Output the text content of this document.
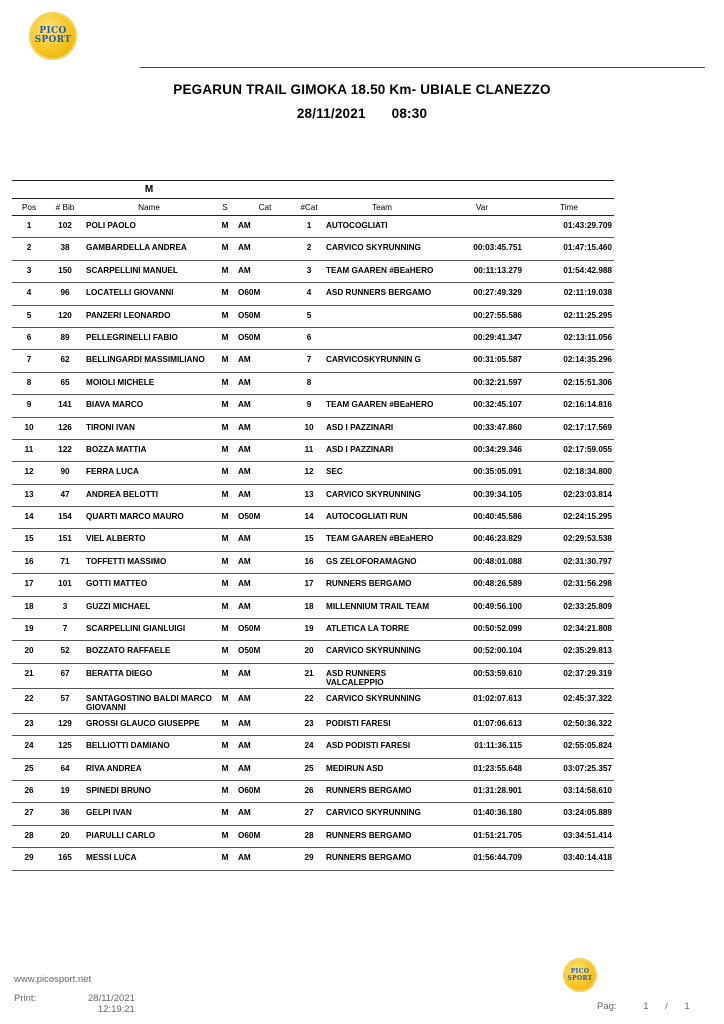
PICO
SPORT
PEGARUN TRAIL GIMOKA 18.50 Km- UBIALE CLANEZZO
28/11/2021 08:30
		M						
Pos	# Bib	Name	S	Cat	#Cat	Team	Var	Time
1	102	POLI PAOLO	M	AM	1	AUTOCOGLIATI		01:43:29.709
2	38	GAMBARDELLA ANDREA	M	AM	2	CARVICO SKYRUNNING	00:03:45.751	01:47:15.460
3	150	SCARPELLINI MANUEL	M	AM	3	TEAM GAAREN #BEaHERO	00:11:13.279	01:54:42.988
4	96	LOCATELLI GIOVANNI	M	O60M	4	ASD RUNNERS BERGAMO	00:27:49.329	02:11:19.038
5	120	PANZERI LEONARDO	M	O50M	5		00:27:55.586	02:11:25.295
6	89	PELLEGRINELLI FABIO	M	O50M	6		00:29:41.347	02:13:11.056
7	62	BELLINGARDI MASSIMILIANO	M	AM	7	CARVICOSKYRUNNIN G	00:31:05.587	02:14:35.296
8	65	MOIOLI MICHELE	M	AM	8		00:32:21.597	02:15:51.306
9	141	BIAVA MARCO	M	AM	9	TEAM GAAREN #BEaHERO	00:32:45.107	02:16:14.816
10	126	TIRONI IVAN	M	AM	10	ASD I PAZZINARI	00:33:47.860	02:17:17.569
11	122	BOZZA MATTIA	M	AM	11	ASD I PAZZINARI	00:34:29.346	02:17:59.055
12	90	FERRA LUCA	M	AM	12	SEC	00:35:05.091	02:18:34.800
13	47	ANDREA BELOTTI	M	AM	13	CARVICO SKYRUNNING	00:39:34.105	02:23:03.814
14	154	QUARTI MARCO MAURO	M	O50M	14	AUTOCOGLIATI RUN	00:40:45.586	02:24:15.295
15	151	VIEL ALBERTO	M	AM	15	TEAM GAAREN #BEaHERO	00:46:23.829	02:29:53.538
16	71	TOFFETTI MASSIMO	M	AM	16	GS ZELOFORAMAGNO	00:48:01.088	02:31:30.797
17	101	GOTTI MATTEO	M	AM	17	RUNNERS BERGAMO	00:48:26.589	02:31:56.298
18	3	GUZZI MICHAEL	M	AM	18	MILLENNIUM TRAIL TEAM	00:49:56.100	02:33:25.809
19	7	SCARPELLINI GIANLUIGI	M	O50M	19	ATLETICA LA TORRE	00:50:52.099	02:34:21.808
20	52	BOZZATO RAFFAELE	M	O50M	20	CARVICO SKYRUNNING	00:52:00.104	02:35:29.813
21	67	BERATTA DIEGO	M	AM	21	ASD RUNNERS VALCALEPPIO	00:53:59.610	02:37:29.319
22	57	SANTAGOSTINO BALDI MARCO GIOVANNI	M	AM	22	CARVICO SKYRUNNING	01:02:07.613	02:45:37.322
23	129	GROSSI GLAUCO GIUSEPPE	M	AM	23	PODISTI FARESI	01:07:06.613	02:50:36.322
24	125	BELLIOTTI DAMIANO	M	AM	24	ASD PODISTI FARESI	01:11:36.115	02:55:05.824
25	64	RIVA ANDREA	M	AM	25	MEDIRUN ASD	01:23:55.648	03:07:25.357
26	19	SPINEDI BRUNO	M	O60M	26	RUNNERS BERGAMO	01:31:28.901	03:14:58.610
27	36	GELPI IVAN	M	AM	27	CARVICO SKYRUNNING	01:40:36.180	03:24:05.889
28	20	PIARULLI CARLO	M	O60M	28	RUNNERS BERGAMO	01:51:21.705	03:34:51.414
29	165	MESSI LUCA	M	AM	29	RUNNERS BERGAMO	01:56:44.709	03:40:14.418
www.picosport.net
Print:	28/11/2021
12:19:21
PICO
SPORT
Pag:	1 / 1
